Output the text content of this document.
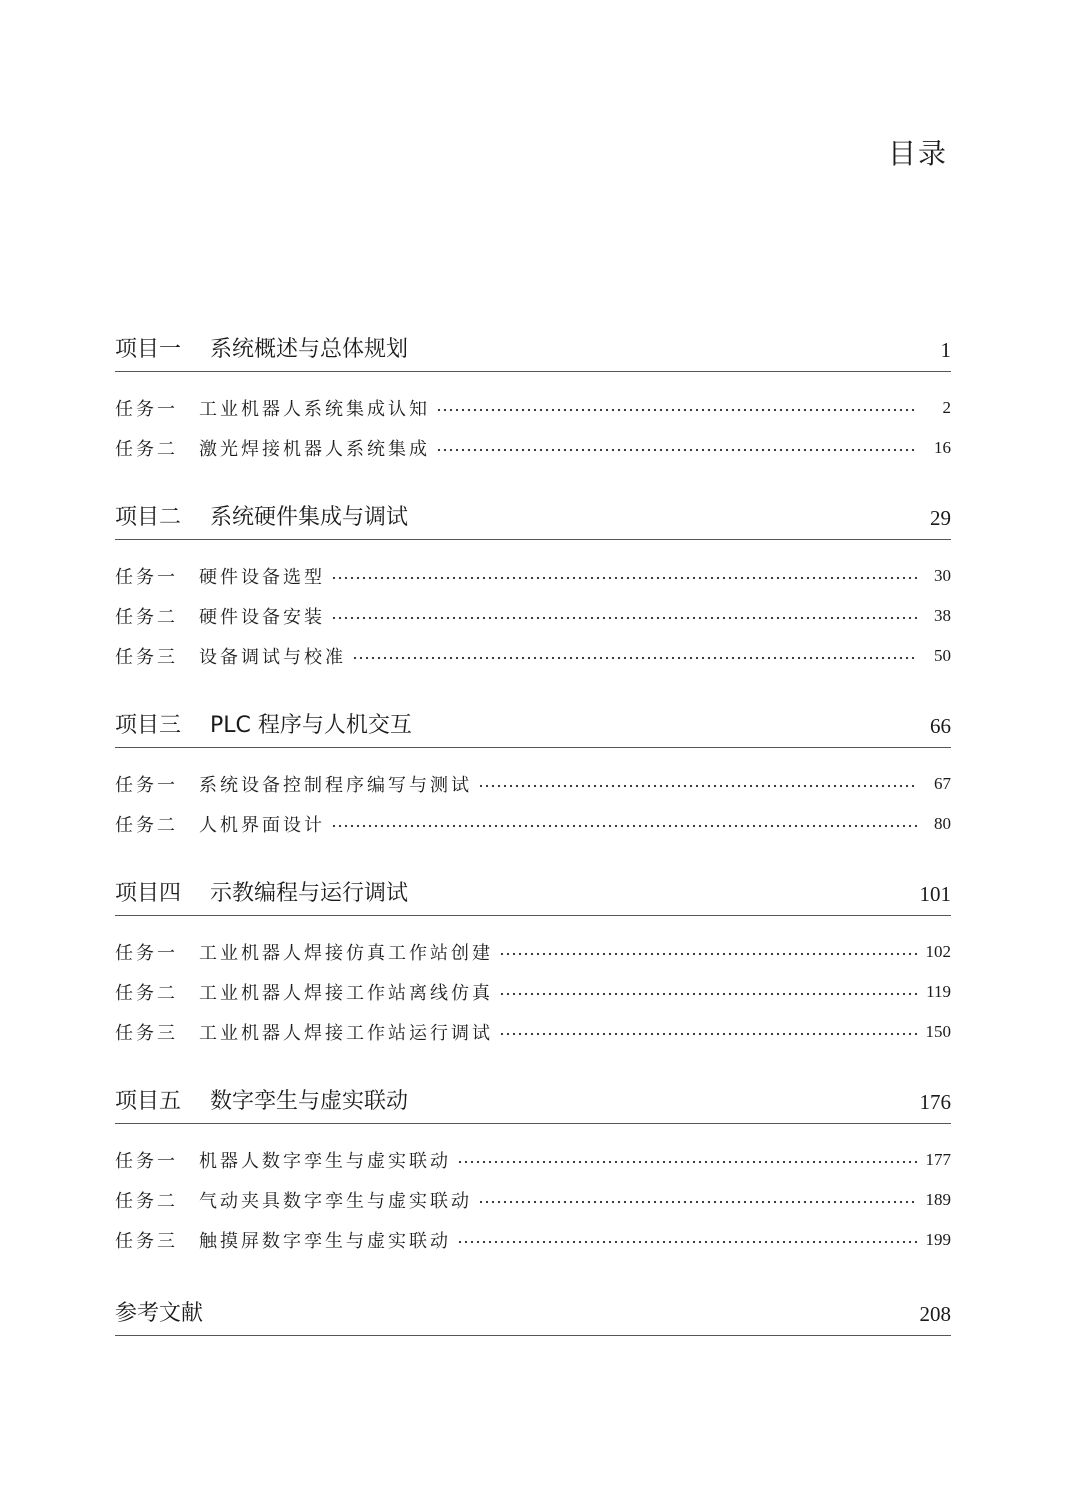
目录
项目一 系统概述与总体规划	1
任务一	工业机器人系统集成认知	2
任务二	激光焊接机器人系统集成	16
项目二 系统硬件集成与调试	29
任务一	硬件设备选型	30
任务二	硬件设备安装	38
任务三	设备调试与校准	50
项目三 PLC 程序与人机交互	66
任务一	系统设备控制程序编写与测试	67
任务二	人机界面设计	80
项目四 示教编程与运行调试	101
任务一	工业机器人焊接仿真工作站创建	102
任务二	工业机器人焊接工作站离线仿真	119
任务三	工业机器人焊接工作站运行调试	150
项目五 数字孪生与虚实联动	176
任务一	机器人数字孪生与虚实联动	177
任务二	气动夹具数字孪生与虚实联动	189
任务三	触摸屏数字孪生与虚实联动	199
参考文献	208
